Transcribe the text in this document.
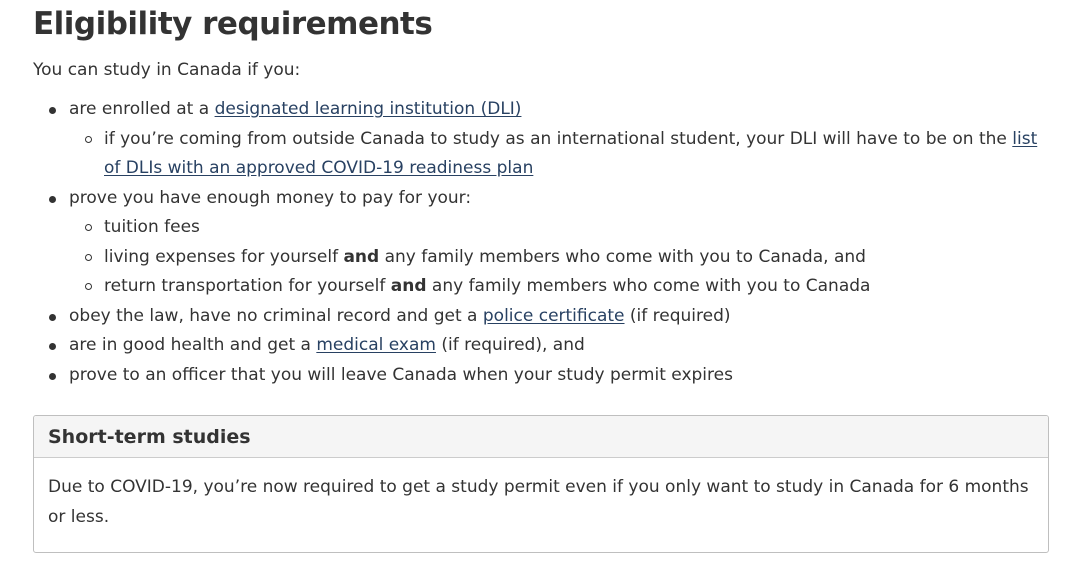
Eligibility requirements

You can study in Canada if you:

are enrolled at a designated learning institution (DLI)
if you’re coming from outside Canada to study as an international student, your DLI will have to be on the list of DLIs with an approved COVID-19 readiness plan
prove you have enough money to pay for your:
tuition fees
living expenses for yourself and any family members who come with you to Canada, and
return transportation for yourself and any family members who come with you to Canada
obey the law, have no criminal record and get a police certificate (if required)
are in good health and get a medical exam (if required), and
prove to an officer that you will leave Canada when your study permit expires
Short-term studies

Due to COVID-19, you’re now required to get a study permit even if you only want to study in Canada for 6 months or less.
